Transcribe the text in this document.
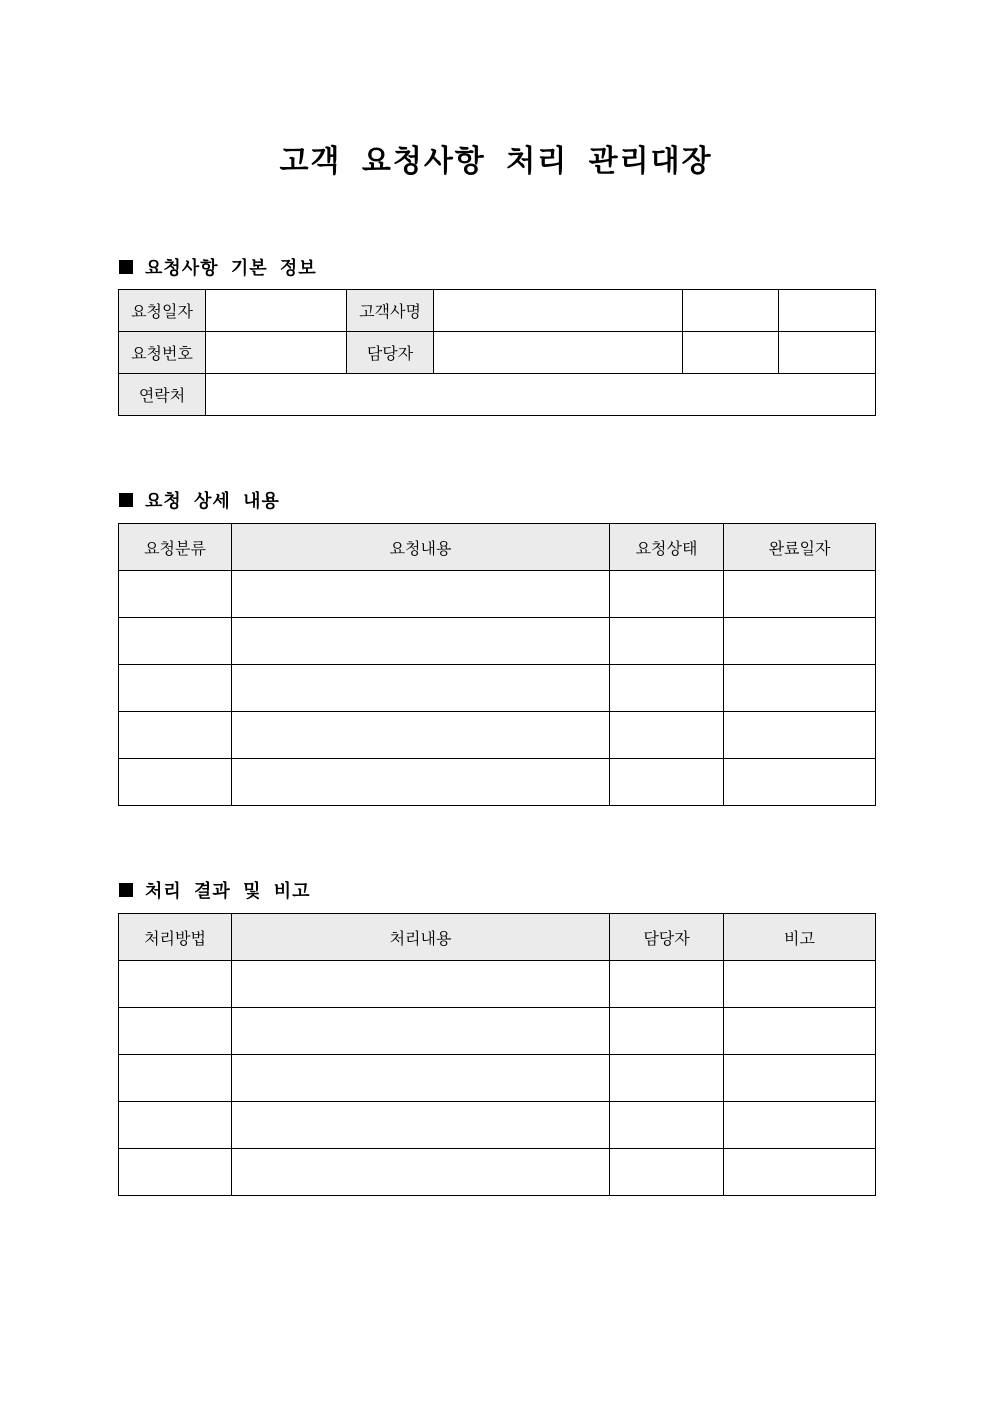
고객 요청사항 처리 관리대장
요청사항 기본 정보
요청일자		고객사명			
요청번호		담당자			
연락처					
요청 상세 내용
요청분류	요청내용	요청상태	완료일자

처리 결과 및 비고
처리방법	처리내용	담당자	비고
